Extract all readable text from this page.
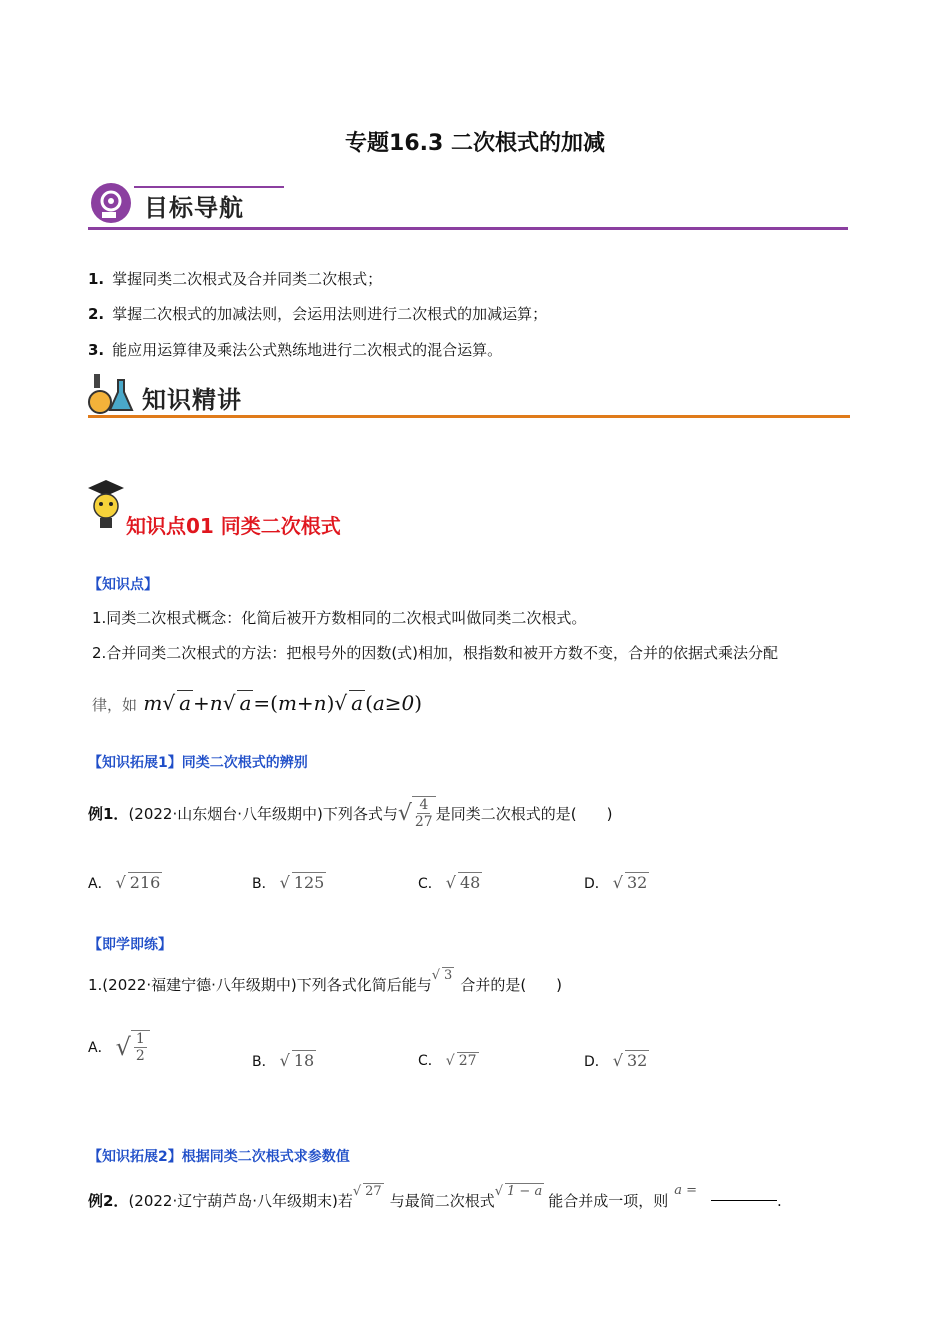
专题16.3 二次根式的加减
目标导航
1. 掌握同类二次根式及合并同类二次根式；
2. 掌握二次根式的加减法则，会运用法则进行二次根式的加减运算；
3. 能应用运算律及乘法公式熟练地进行二次根式的混合运算。
知识精讲
知识点01 同类二次根式
【知识点】
1.同类二次根式概念：化简后被开方数相同的二次根式叫做同类二次根式。
2.合并同类二次根式的方法：把根号外的因数(式)相加，根指数和被开方数不变，合并的依据式乘法分配
律，如 m√ a +n√ a =(m+n)√ a (a≥0)
【知识拓展1】同类二次根式的辨别
例1． (2022·山东烟台·八年级期中)下列各式与 √ $\frac{4}{27}$ 是同类二次根式的是(　　)
A． √ 216	B． √ 125	C． √ 48	D． √ 32
【即学即练】
1.(2022·福建宁德·八年级期中)下列各式化简后能与
√ 3
合并的是(　　)
A． √ $\frac{1}{2}$	B． √ 18	C． √ 27	D． √ 32
【知识拓展2】根据同类二次根式求参数值
例2． (2022·辽宁葫芦岛·八年级期末)若
√ 27
与最简二次根式
√ 1 − a
能合并成一项，则
a =
.
